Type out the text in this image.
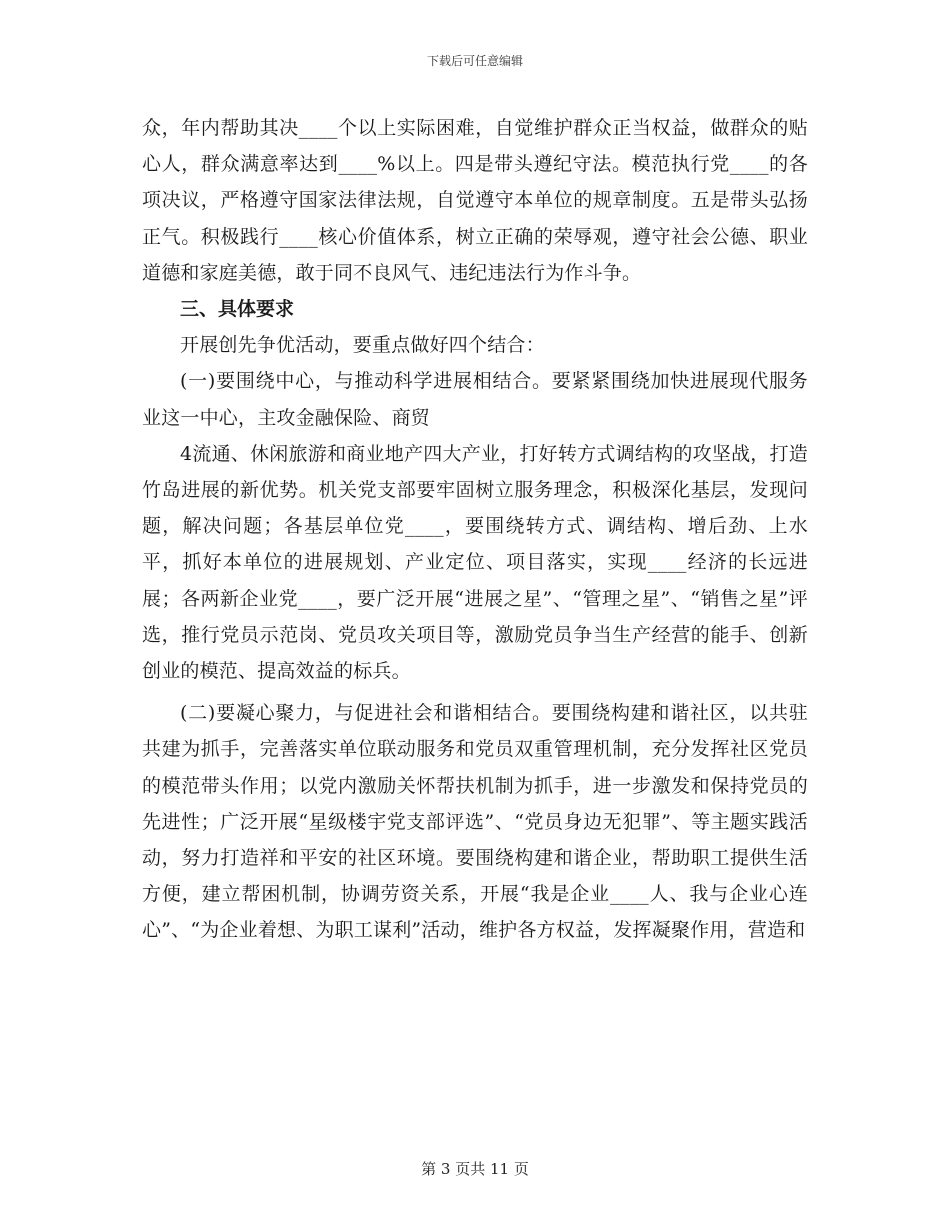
下载后可任意编辑

众，年内帮助其决____个以上实际困难，自觉维护群众正当权益，做群众的贴心人，群众满意率达到____%以上。四是带头遵纪守法。模范执行党____的各项决议，严格遵守国家法律法规，自觉遵守本单位的规章制度。五是带头弘扬正气。积极践行____核心价值体系，树立正确的荣辱观，遵守社会公德、职业道德和家庭美德，敢于同不良风气、违纪违法行为作斗争。

三、具体要求

开展创先争优活动，要重点做好四个结合：

(一)要围绕中心，与推动科学进展相结合。要紧紧围绕加快进展现代服务业这一中心，主攻金融保险、商贸

4流通、休闲旅游和商业地产四大产业，打好转方式调结构的攻坚战，打造竹岛进展的新优势。机关党支部要牢固树立服务理念，积极深化基层，发现问题，解决问题；各基层单位党____，要围绕转方式、调结构、增后劲、上水平，抓好本单位的进展规划、产业定位、项目落实，实现____经济的长远进展；各两新企业党____，要广泛开展“进展之星”、“管理之星”、“销售之星”评选，推行党员示范岗、党员攻关项目等，激励党员争当生产经营的能手、创新创业的模范、提高效益的标兵。

(二)要凝心聚力，与促进社会和谐相结合。要围绕构建和谐社区，以共驻共建为抓手，完善落实单位联动服务和党员双重管理机制，充分发挥社区党员的模范带头作用；以党内激励关怀帮扶机制为抓手，进一步激发和保持党员的先进性；广泛开展“星级楼宇党支部评选”、“党员身边无犯罪”、等主题实践活动，努力打造祥和平安的社区环境。要围绕构建和谐企业，帮助职工提供生活方便，建立帮困机制，协调劳资关系，开展“我是企业____人、我与企业心连心”、“为企业着想、为职工谋利”活动，维护各方权益，发挥凝聚作用，营造和

第 3 页共 11 页
